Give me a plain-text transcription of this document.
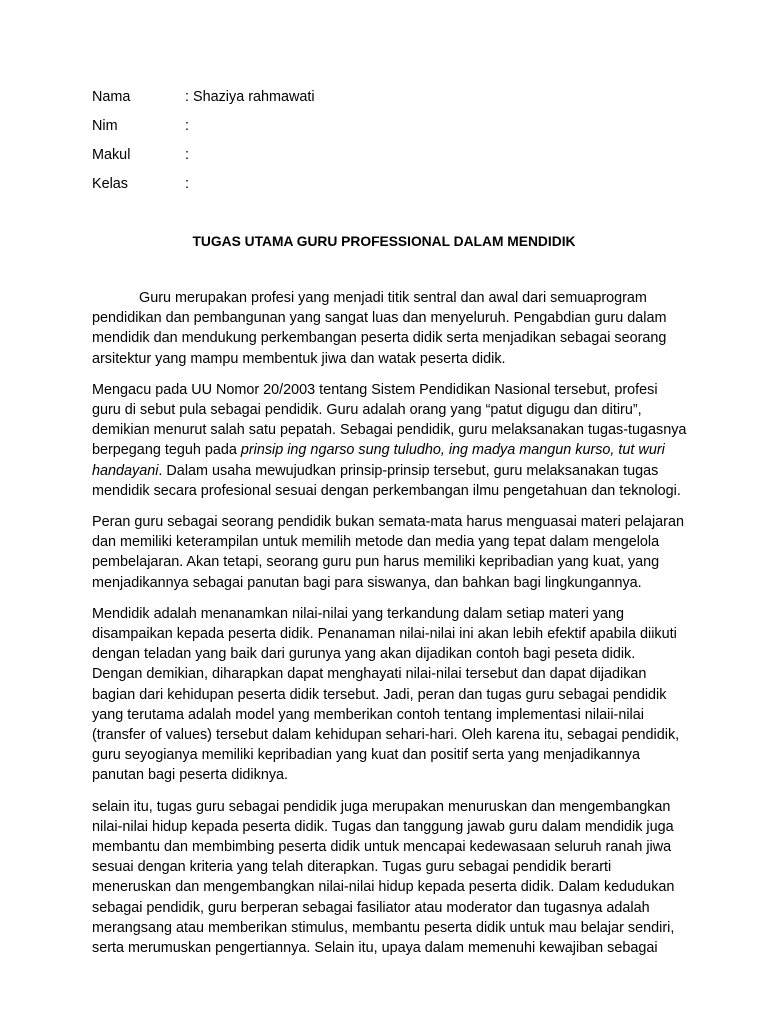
Nama	: Shaziya rahmawati
Nim	:
Makul	:
Kelas	:
TUGAS UTAMA GURU PROFESSIONAL DALAM MENDIDIK

Guru merupakan profesi yang menjadi titik sentral dan awal dari semuaprogram
pendidikan dan pembangunan yang sangat luas dan menyeluruh. Pengabdian guru dalam
mendidik dan mendukung perkembangan peserta didik serta menjadikan sebagai seorang
arsitektur yang mampu membentuk jiwa dan watak peserta didik.

Mengacu pada UU Nomor 20/2003 tentang Sistem Pendidikan Nasional tersebut, profesi
guru di sebut pula sebagai pendidik. Guru adalah orang yang “patut digugu dan ditiru”,
demikian menurut salah satu pepatah. Sebagai pendidik, guru melaksanakan tugas-tugasnya
berpegang teguh pada prinsip ing ngarso sung tuludho, ing madya mangun kurso, tut wuri
handayani. Dalam usaha mewujudkan prinsip-prinsip tersebut, guru melaksanakan tugas
mendidik secara profesional sesuai dengan perkembangan ilmu pengetahuan dan teknologi.

Peran guru sebagai seorang pendidik bukan semata-mata harus menguasai materi pelajaran
dan memiliki keterampilan untuk memilih metode dan media yang tepat dalam mengelola
pembelajaran. Akan tetapi, seorang guru pun harus memiliki kepribadian yang kuat, yang
menjadikannya sebagai panutan bagi para siswanya, dan bahkan bagi lingkungannya.

Mendidik adalah menanamkan nilai-nilai yang terkandung dalam setiap materi yang
disampaikan kepada peserta didik. Penanaman nilai-nilai ini akan lebih efektif apabila diikuti
dengan teladan yang baik dari gurunya yang akan dijadikan contoh bagi peseta didik.
Dengan demikian, diharapkan dapat menghayati nilai-nilai tersebut dan dapat dijadikan
bagian dari kehidupan peserta didik tersebut. Jadi, peran dan tugas guru sebagai pendidik
yang terutama adalah model yang memberikan contoh tentang implementasi nilaii-nilai
(transfer of values) tersebut dalam kehidupan sehari-hari. Oleh karena itu, sebagai pendidik,
guru seyogianya memiliki kepribadian yang kuat dan positif serta yang menjadikannya
panutan bagi peserta didiknya.

selain itu, tugas guru sebagai pendidik juga merupakan menuruskan dan mengembangkan
nilai-nilai hidup kepada peserta didik. Tugas dan tanggung jawab guru dalam mendidik juga
membantu dan membimbing peserta didik untuk mencapai kedewasaan seluruh ranah jiwa
sesuai dengan kriteria yang telah diterapkan. Tugas guru sebagai pendidik berarti
meneruskan dan mengembangkan nilai-nilai hidup kepada peserta didik. Dalam kedudukan
sebagai pendidik, guru berperan sebagai fasiliator atau moderator dan tugasnya adalah
merangsang atau memberikan stimulus, membantu peserta didik untuk mau belajar sendiri,
serta merumuskan pengertiannya. Selain itu, upaya dalam memenuhi kewajiban sebagai
